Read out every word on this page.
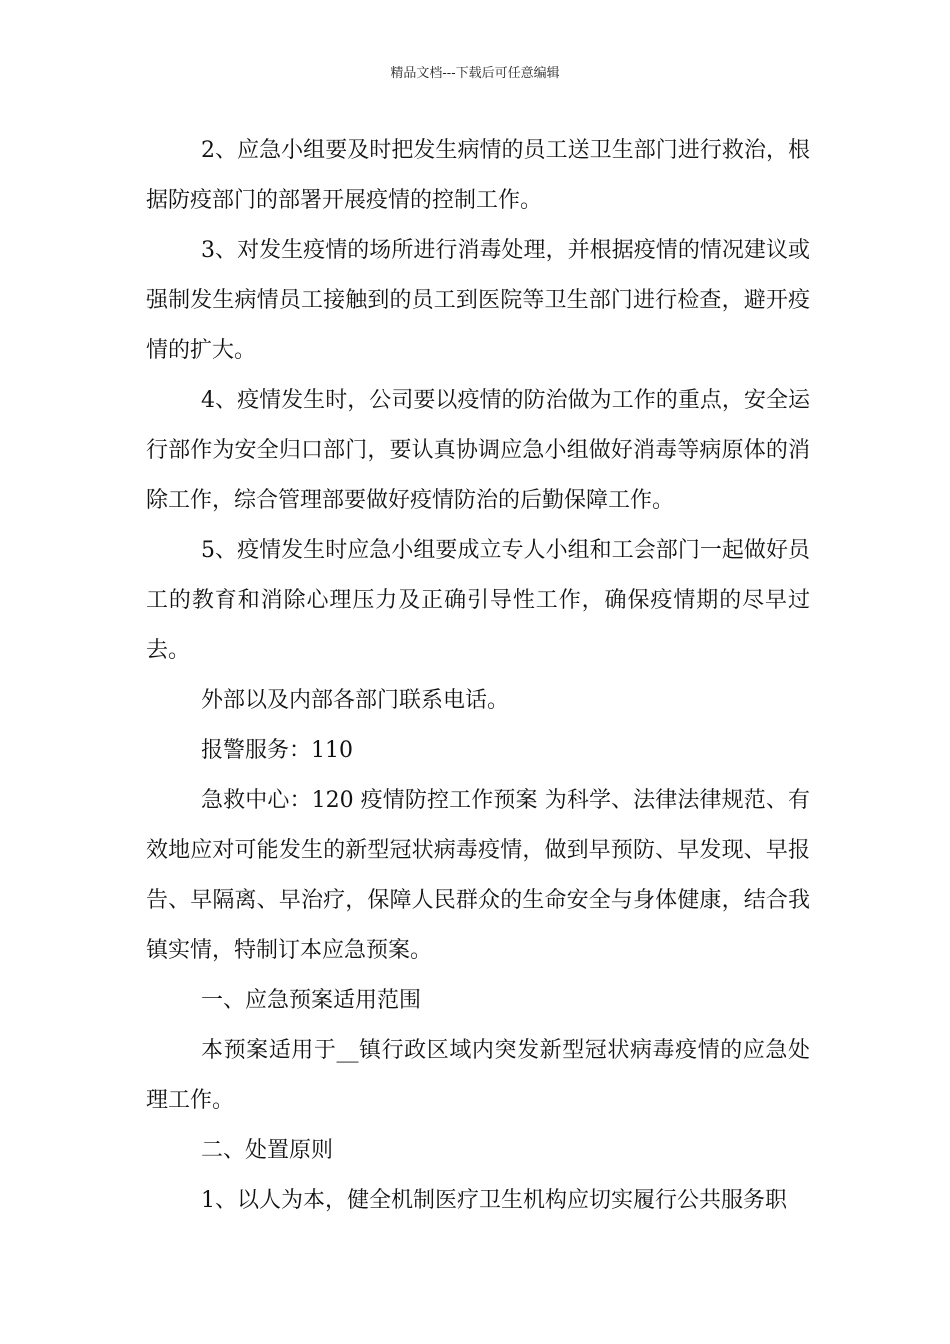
精品文档---下载后可任意编辑

2、应急小组要及时把发生病情的员工送卫生部门进行救治，根据防疫部门的部署开展疫情的控制工作。

3、对发生疫情的场所进行消毒处理，并根据疫情的情况建议或强制发生病情员工接触到的员工到医院等卫生部门进行检查，避开疫情的扩大。

4、疫情发生时，公司要以疫情的防治做为工作的重点，安全运行部作为安全归口部门，要认真协调应急小组做好消毒等病原体的消除工作，综合管理部要做好疫情防治的后勤保障工作。

5、疫情发生时应急小组要成立专人小组和工会部门一起做好员工的教育和消除心理压力及正确引导性工作，确保疫情期的尽早过去。

外部以及内部各部门联系电话。

报警服务：110

急救中心：120 疫情防控工作预案 为科学、法律法律规范、有效地应对可能发生的新型冠状病毒疫情，做到早预防、早发现、早报告、早隔离、早治疗，保障人民群众的生命安全与身体健康，结合我镇实情，特制订本应急预案。

一、应急预案适用范围

本预案适用于__镇行政区域内突发新型冠状病毒疫情的应急处理工作。

二、处置原则

1、以人为本，健全机制医疗卫生机构应切实履行公共服务职
